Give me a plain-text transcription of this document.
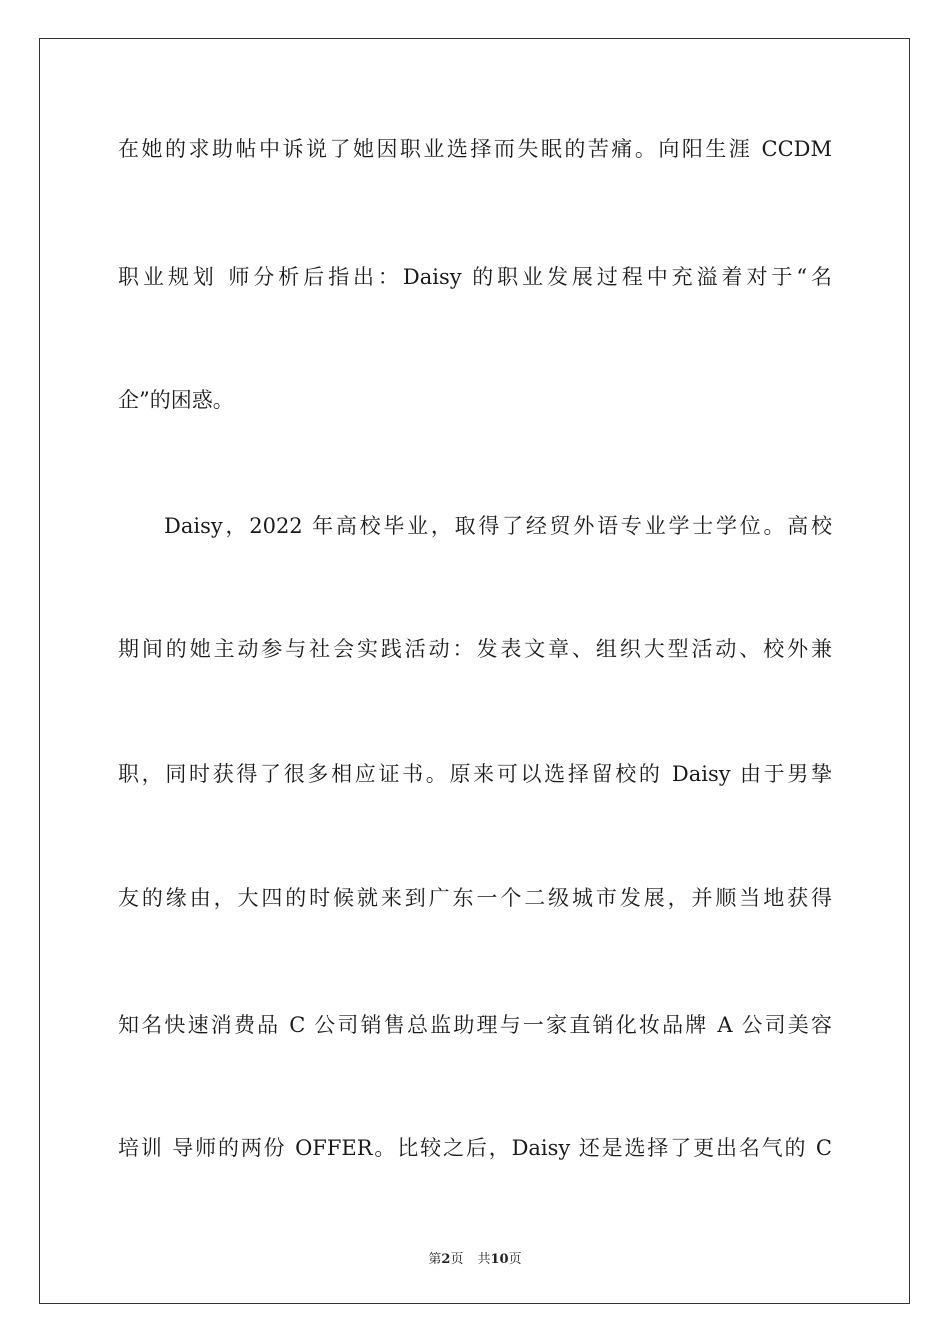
在她的求助帖中诉说了她因职业选择而失眠的苦痛。向阳生涯 CCDM
职业规划 师分析后指出：Daisy 的职业发展过程中充溢着对于“名
企”的困惑。
Daisy，2022 年高校毕业，取得了经贸外语专业学士学位。高校
期间的她主动参与社会实践活动：发表文章、组织大型活动、校外兼
职，同时获得了很多相应证书。原来可以选择留校的 Daisy 由于男挚
友的缘由，大四的时候就来到广东一个二级城市发展，并顺当地获得
知名快速消费品 C 公司销售总监助理与一家直销化妆品牌 A 公司美容
培训 导师的两份 OFFER。比较之后，Daisy 还是选择了更出名气的 C
第2页 共10页
